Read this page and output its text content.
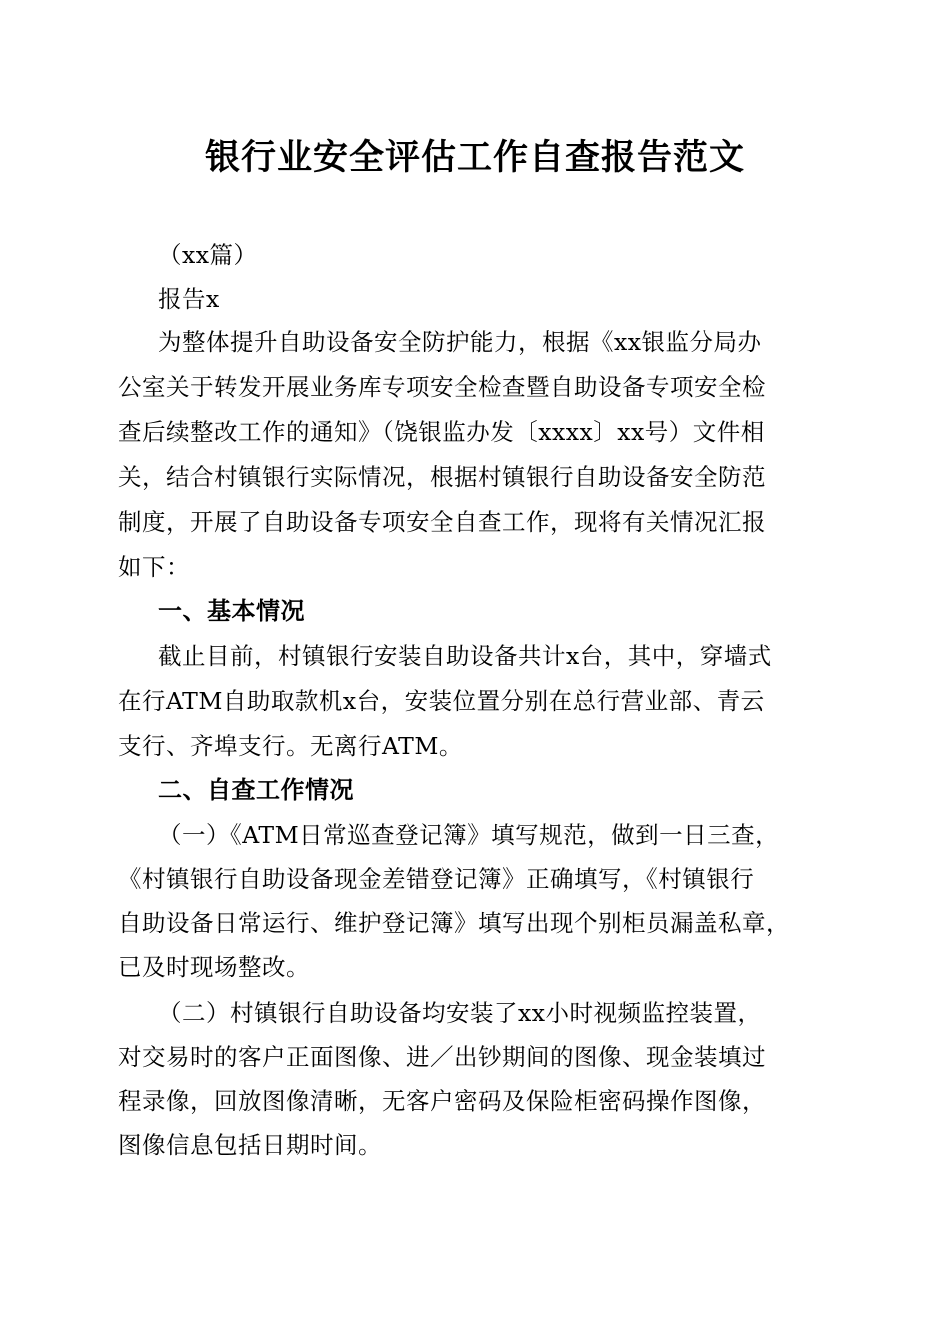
银行业安全评估工作自查报告范文
（xx篇）
报告x
为整体提升自助设备安全防护能力，根据《xx银监分局办
公室关于转发开展业务库专项安全检查暨自助设备专项安全检
查后续整改工作的通知》（饶银监办发〔xxxx〕xx号）文件相
关，结合村镇银行实际情况，根据村镇银行自助设备安全防范
制度，开展了自助设备专项安全自查工作，现将有关情况汇报
如下：
一、基本情况
截止目前，村镇银行安装自助设备共计x台，其中，穿墙式
在行ATM自助取款机x台，安装位置分别在总行营业部、青云
支行、齐埠支行。无离行ATM。
二、自查工作情况
（一）《ATM日常巡查登记簿》填写规范，做到一日三查，
《村镇银行自助设备现金差错登记簿》正确填写，《村镇银行
自助设备日常运行、维护登记簿》填写出现个别柜员漏盖私章，
已及时现场整改。
（二）村镇银行自助设备均安装了xx小时视频监控装置，
对交易时的客户正面图像、进／出钞期间的图像、现金装填过
程录像，回放图像清晰，无客户密码及保险柜密码操作图像，
图像信息包括日期时间。
